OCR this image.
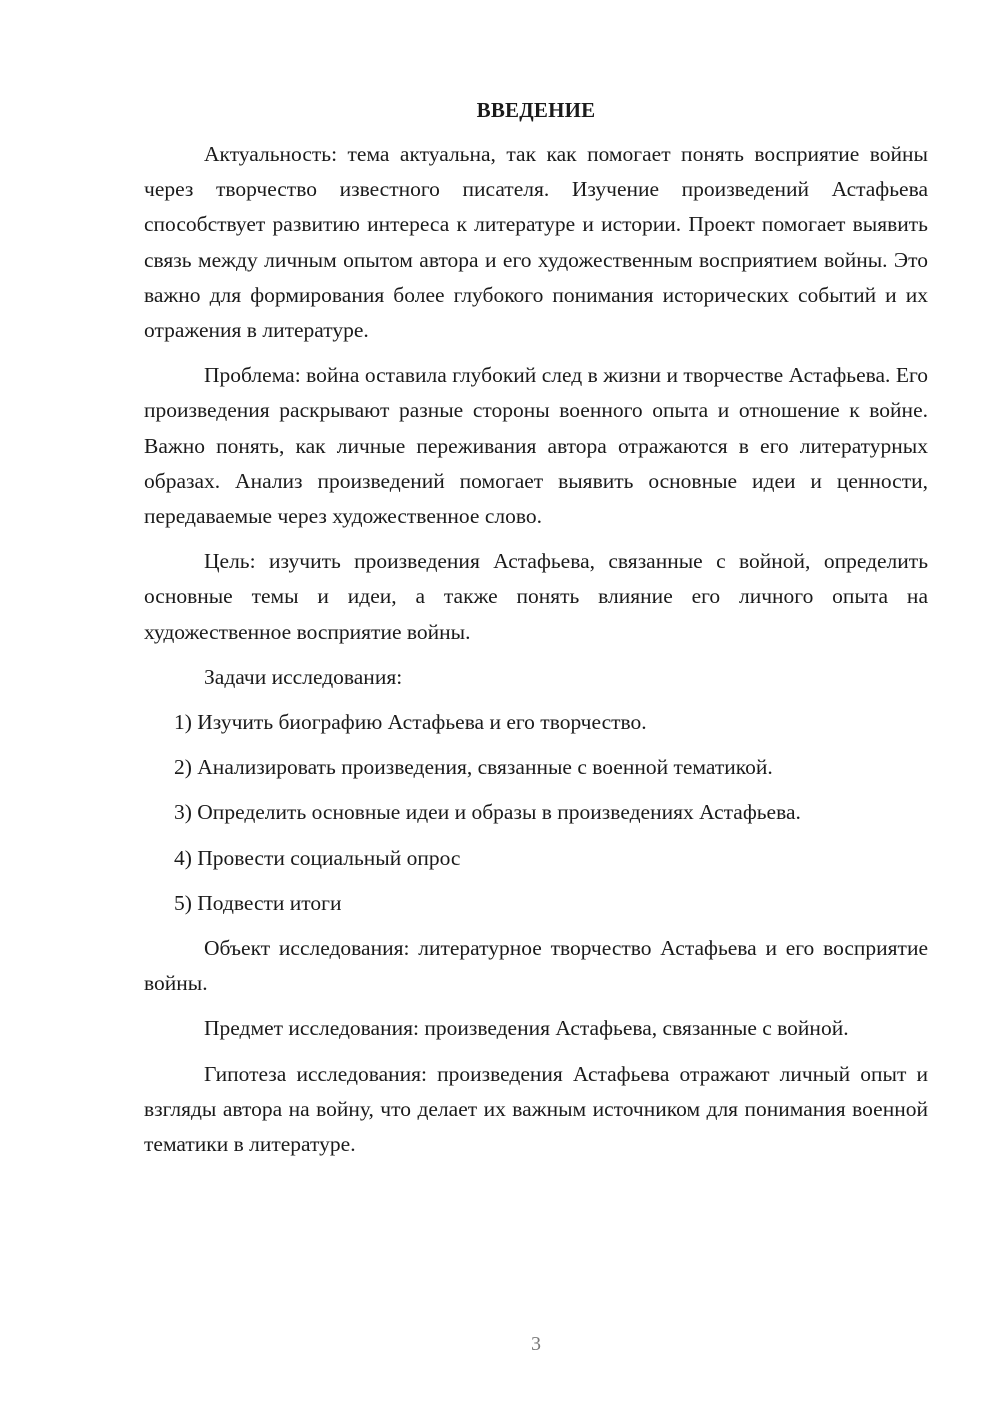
ВВЕДЕНИЕ

Актуальность: тема актуальна, так как помогает понять восприятие войны через творчество известного писателя. Изучение произведений Астафьева способствует развитию интереса к литературе и истории. Проект помогает выявить связь между личным опытом автора и его художественным восприятием войны. Это важно для формирования более глубокого понимания исторических событий и их отражения в литературе.

Проблема: война оставила глубокий след в жизни и творчестве Астафьева. Его произведения раскрывают разные стороны военного опыта и отношение к войне. Важно понять, как личные переживания автора отражаются в его литературных образах. Анализ произведений помогает выявить основные идеи и ценности, передаваемые через художественное слово.

Цель: изучить произведения Астафьева, связанные с войной, определить основные темы и идеи, а также понять влияние его личного опыта на художественное восприятие войны.

Задачи исследования:

1) Изучить биографию Астафьева и его творчество.

2) Анализировать произведения, связанные с военной тематикой.

3) Определить основные идеи и образы в произведениях Астафьева.

4) Провести социальный опрос

5) Подвести итоги

Объект исследования: литературное творчество Астафьева и его восприятие войны.

Предмет исследования: произведения Астафьева, связанные с войной.

Гипотеза исследования: произведения Астафьева отражают личный опыт и взгляды автора на войну, что делает их важным источником для понимания военной тематики в литературе.

3
